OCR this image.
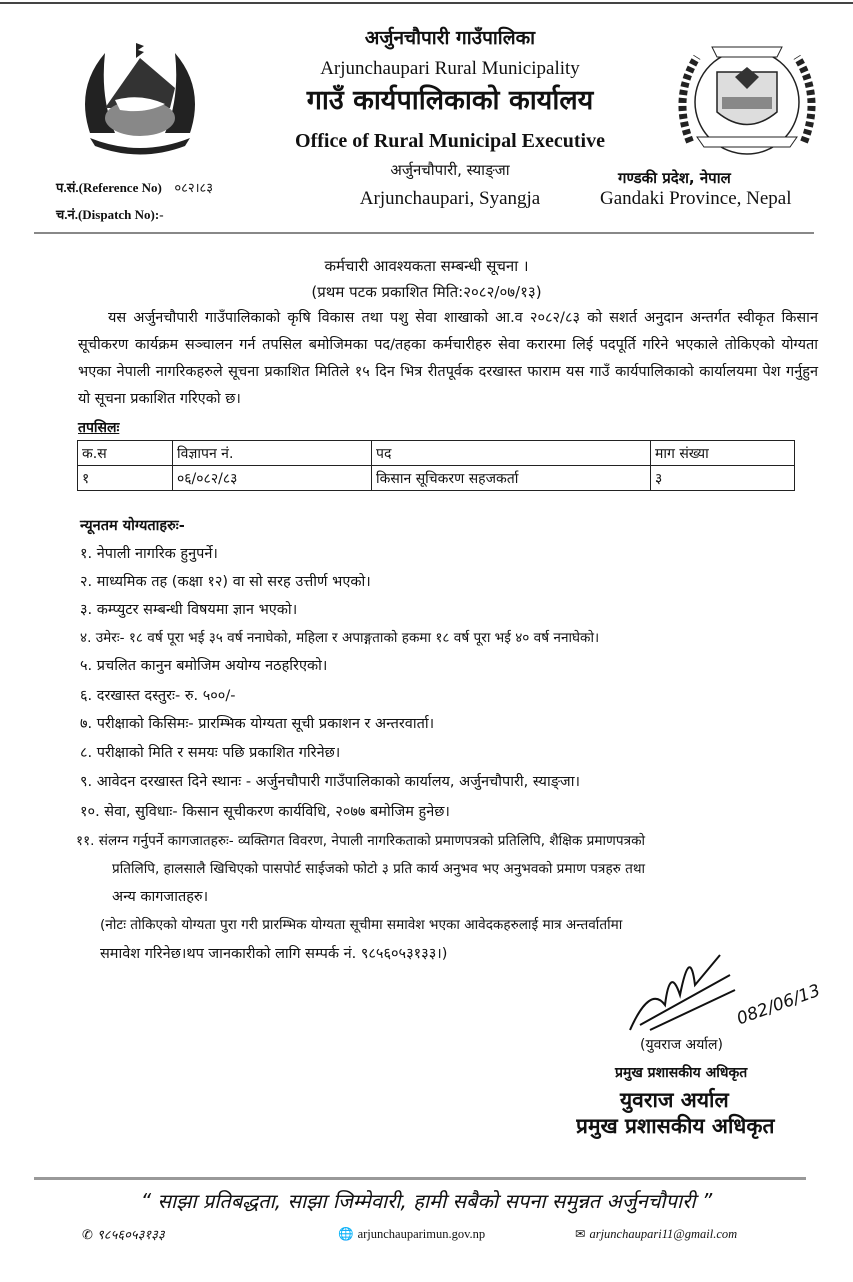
अर्जुनचौपारी गाउँपालिका
Arjunchaupari Rural Municipality
गाउँ कार्यपालिकाको कार्यालय
Office of Rural Municipal Executive
अर्जुनचौपारी, स्याङ्जा
Arjunchaupari, Syangja
गण्डकी प्रदेश, नेपाल
Gandaki Province, Nepal
प.सं.(Reference No) ०८२।८३
च.नं.(Dispatch No):-
कर्मचारी आवश्यकता सम्बन्धी सूचना ।
(प्रथम पटक प्रकाशित मिति:२०८२/०७/१३)
यस अर्जुनचौपारी गाउँपालिकाको कृषि विकास तथा पशु सेवा शाखाको आ.व २०८२/८३ को सशर्त अनुदान अन्तर्गत स्वीकृत किसान सूचीकरण कार्यक्रम सञ्चालन गर्न तपसिल बमोजिमका पद/तहका कर्मचारीहरु सेवा करारमा लिई पदपूर्ति गरिने भएकाले तोकिएको योग्यता भएका नेपाली नागरिकहरुले सूचना प्रकाशित मितिले १५ दिन भित्र रीतपूर्वक दरखास्त फाराम यस गाउँ कार्यपालिकाको कार्यालयमा पेश गर्नुहुन यो सूचना प्रकाशित गरिएको छ।
तपसिलः
क.स	विज्ञापन नं.	पद	माग संख्या
१	०६/०८२/८३	किसान सूचिकरण सहजकर्ता	३
न्यूनतम योग्यताहरुः-
१. नेपाली नागरिक हुनुपर्ने।
२. माध्यमिक तह (कक्षा १२) वा सो सरह उत्तीर्ण भएको।
३. कम्प्युटर सम्बन्धी विषयमा ज्ञान भएको।
४. उमेरः- १८ वर्ष पूरा भई ३५ वर्ष ननाघेको, महिला र अपाङ्गताको हकमा १८ वर्ष पूरा भई ४० वर्ष ननाघेको।
५. प्रचलित कानुन बमोजिम अयोग्य नठहरिएको।
६. दरखास्त दस्तुरः- रु. ५००/-
७. परीक्षाको किसिमः- प्रारम्भिक योग्यता सूची प्रकाशन र अन्तरवार्ता।
८. परीक्षाको मिति र समयः पछि प्रकाशित गरिनेछ।
९. आवेदन दरखास्त दिने स्थानः - अर्जुनचौपारी गाउँपालिकाको कार्यालय, अर्जुनचौपारी, स्याङ्जा।
१०. सेवा, सुविधाः- किसान सूचीकरण कार्यविधि, २०७७ बमोजिम हुनेछ।
११. संलग्न गर्नुपर्ने कागजातहरुः- व्यक्तिगत विवरण, नेपाली नागरिकताको प्रमाणपत्रको प्रतिलिपि, शैक्षिक प्रमाणपत्रको
प्रतिलिपि, हालसालै खिचिएको पासपोर्ट साईजको फोटो ३ प्रति कार्य अनुभव भए अनुभवको प्रमाण पत्रहरु तथा
अन्य कागजातहरु।
(नोटः तोकिएको योग्यता पुरा गरी प्रारम्भिक योग्यता सूचीमा समावेश भएका आवेदकहरुलाई मात्र अन्तर्वार्तामा
समावेश गरिनेछ।थप जानकारीको लागि सम्पर्क नं. ९८५६०५३१३३।)
082/06/13
(युवराज अर्याल)
प्रमुख प्रशासकीय अधिकृत
युवराज अर्याल
प्रमुख प्रशासकीय अधिकृत
“ साझा प्रतिबद्धता, साझा जिम्मेवारी, हामी सबैको सपना समुन्नत अर्जुनचौपारी ”
✆ ९८५६०५३१३३	🌐 arjunchauparimun.gov.np	✉ arjunchaupari11@gmail.com
